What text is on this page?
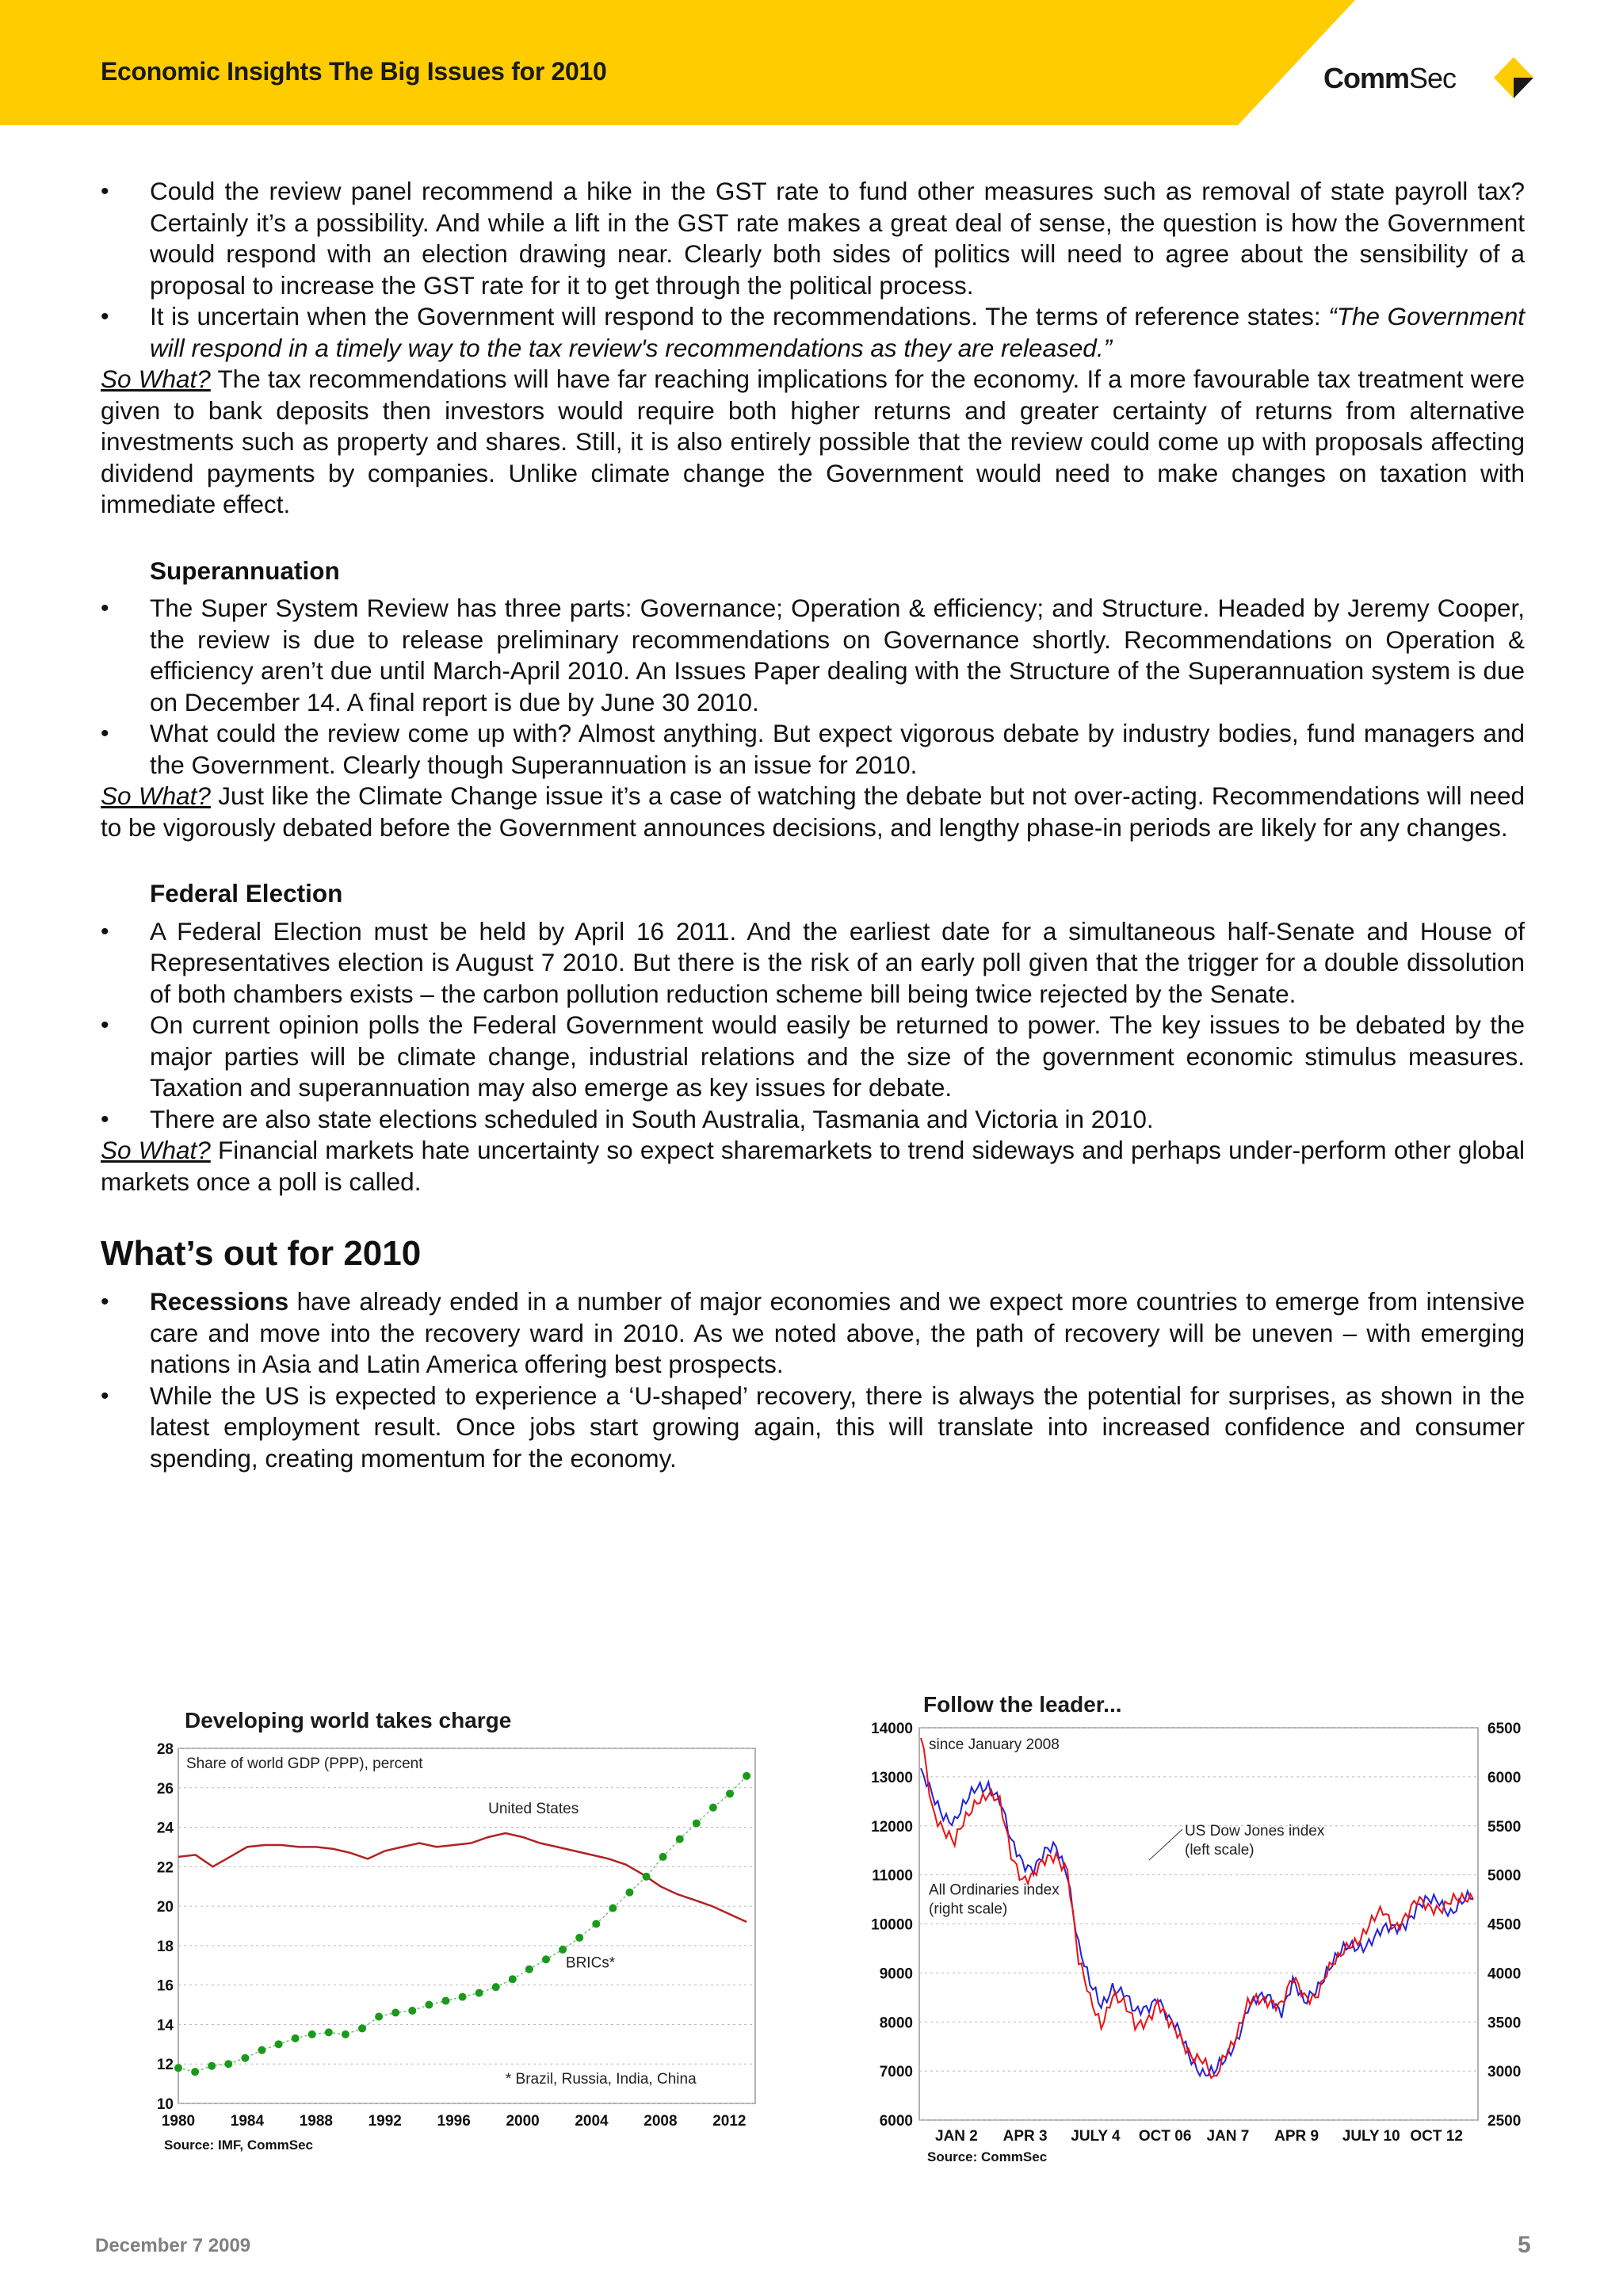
Economic Insights The Big Issues for 2010	CommSec

• Could the review panel recommend a hike in the GST rate to fund other measures such as removal of state payroll tax? Certainly it’s a possibility. And while a lift in the GST rate makes a great deal of sense, the question is how the Government would respond with an election drawing near. Clearly both sides of politics will need to agree about the sensibility of a proposal to increase the GST rate for it to get through the political process.

• It is uncertain when the Government will respond to the recommendations. The terms of reference states: “The Government will respond in a timely way to the tax review's recommendations as they are released.”

So What? The tax recommendations will have far reaching implications for the economy. If a more favourable tax treatment were given to bank deposits then investors would require both higher returns and greater certainty of returns from alternative investments such as property and shares. Still, it is also entirely possible that the review could come up with proposals affecting dividend payments by companies. Unlike climate change the Government would need to make changes on taxation with immediate effect.

Superannuation

• The Super System Review has three parts: Governance; Operation & efficiency; and Structure. Headed by Jeremy Cooper, the review is due to release preliminary recommendations on Governance shortly. Recommendations on Operation & efficiency aren’t due until March-April 2010. An Issues Paper dealing with the Structure of the Superannuation system is due on December 14. A final report is due by June 30 2010.

• What could the review come up with? Almost anything. But expect vigorous debate by industry bodies, fund managers and the Government. Clearly though Superannuation is an issue for 2010.

So What? Just like the Climate Change issue it’s a case of watching the debate but not over-acting. Recommendations will need to be vigorously debated before the Government announces decisions, and lengthy phase-in periods are likely for any changes.

Federal Election

• A Federal Election must be held by April 16 2011. And the earliest date for a simultaneous half-Senate and House of Representatives election is August 7 2010. But there is the risk of an early poll given that the trigger for a double dissolution of both chambers exists – the carbon pollution reduction scheme bill being twice rejected by the Senate.

• On current opinion polls the Federal Government would easily be returned to power. The key issues to be debated by the major parties will be climate change, industrial relations and the size of the government economic stimulus measures. Taxation and superannuation may also emerge as key issues for debate.

• There are also state elections scheduled in South Australia, Tasmania and Victoria in 2010.

So What? Financial markets hate uncertainty so expect sharemarkets to trend sideways and perhaps under-perform other global markets once a poll is called.

What’s out for 2010

• Recessions have already ended in a number of major economies and we expect more countries to emerge from intensive care and move into the recovery ward in 2010. As we noted above, the path of recovery will be uneven – with emerging nations in Asia and Latin America offering best prospects.

• While the US is expected to experience a ‘U-shaped’ recovery, there is always the potential for surprises, as shown in the latest employment result. Once jobs start growing again, this will translate into increased confidence and consumer spending, creating momentum for the economy.

Developing world takes charge
10
12
14
16
18
20
22
24
26
28
1980 1984 1988 1992 1996 2000 2004 2008 2012
Share of world GDP (PPP), percent
United States
BRICs*
* Brazil, Russia, India, China
Source: IMF, CommSec
Follow the leader...
6000
7000
8000
9000
10000
11000
12000
13000
14000
2500
3000
3500
4000
4500
5000
5500
6000
6500
JAN 2 APR 3 JULY 4 OCT 06 JAN 7 APR 9 JULY 10 OCT 12
since January 2008
US Dow Jones index
(left scale)
All Ordinaries index
(right scale)
Source: CommSec
December 7 2009	5
